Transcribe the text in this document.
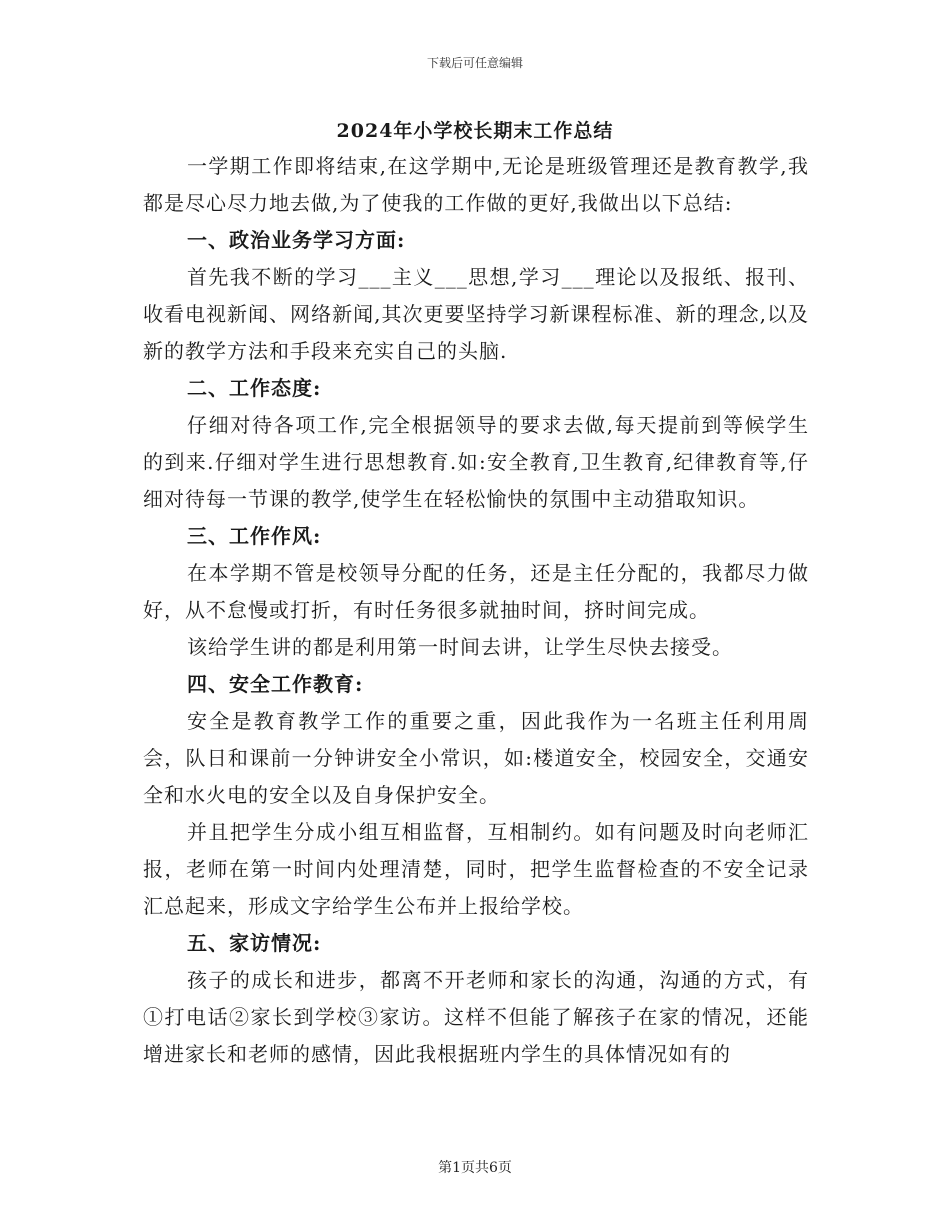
下载后可任意编辑
2024年小学校长期末工作总结

一学期工作即将结束,在这学期中,无论是班级管理还是教育教学,我都是尽心尽力地去做,为了使我的工作做的更好,我做出以下总结:

一、政治业务学习方面:

首先我不断的学习___主义___思想,学习___理论以及报纸、报刊、收看电视新闻、网络新闻,其次更要坚持学习新课程标准、新的理念,以及新的教学方法和手段来充实自己的头脑.

二、工作态度:

仔细对待各项工作,完全根据领导的要求去做,每天提前到等候学生的到来.仔细对学生进行思想教育.如:安全教育,卫生教育,纪律教育等,仔细对待每一节课的教学,使学生在轻松愉快的氛围中主动猎取知识。

三、工作作风:

在本学期不管是校领导分配的任务，还是主任分配的，我都尽力做好，从不怠慢或打折，有时任务很多就抽时间，挤时间完成。

该给学生讲的都是利用第一时间去讲，让学生尽快去接受。

四、安全工作教育:

安全是教育教学工作的重要之重，因此我作为一名班主任利用周会，队日和课前一分钟讲安全小常识，如:楼道安全，校园安全，交通安全和水火电的安全以及自身保护安全。

并且把学生分成小组互相监督，互相制约。如有问题及时向老师汇报，老师在第一时间内处理清楚，同时，把学生监督检查的不安全记录汇总起来，形成文字给学生公布并上报给学校。

五、家访情况:

孩子的成长和进步，都离不开老师和家长的沟通，沟通的方式，有①打电话②家长到学校③家访。这样不但能了解孩子在家的情况，还能增进家长和老师的感情，因此我根据班内学生的具体情况如有的

第1页共6页
